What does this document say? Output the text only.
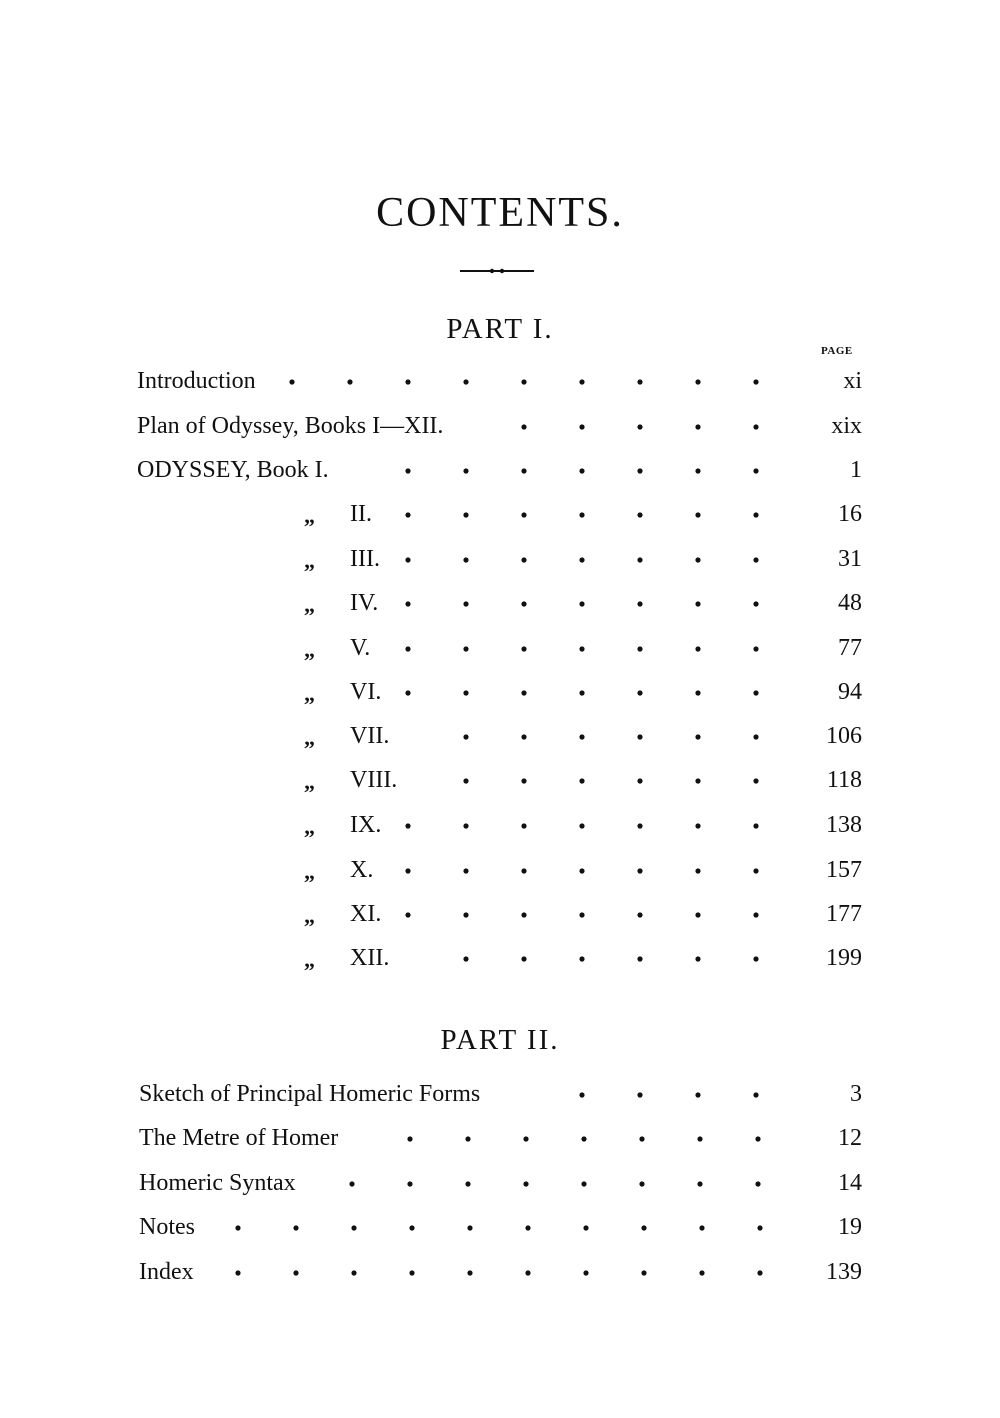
CONTENTS.
PART I.
PAGE
Introduction	xi
Plan of Odyssey, Books I—XII.	xix
ODYSSEY, Book I.	1
„ II.	16
„ III.	31
„ IV.	48
„ V.	77
„ VI.	94
„ VII.	106
„ VIII.	118
„ IX.	138
„ X.	157
„ XI.	177
„ XII.	199
PART II.
Sketch of Principal Homeric Forms	3
The Metre of Homer	12
Homeric Syntax	14
Notes	19
Index	139
